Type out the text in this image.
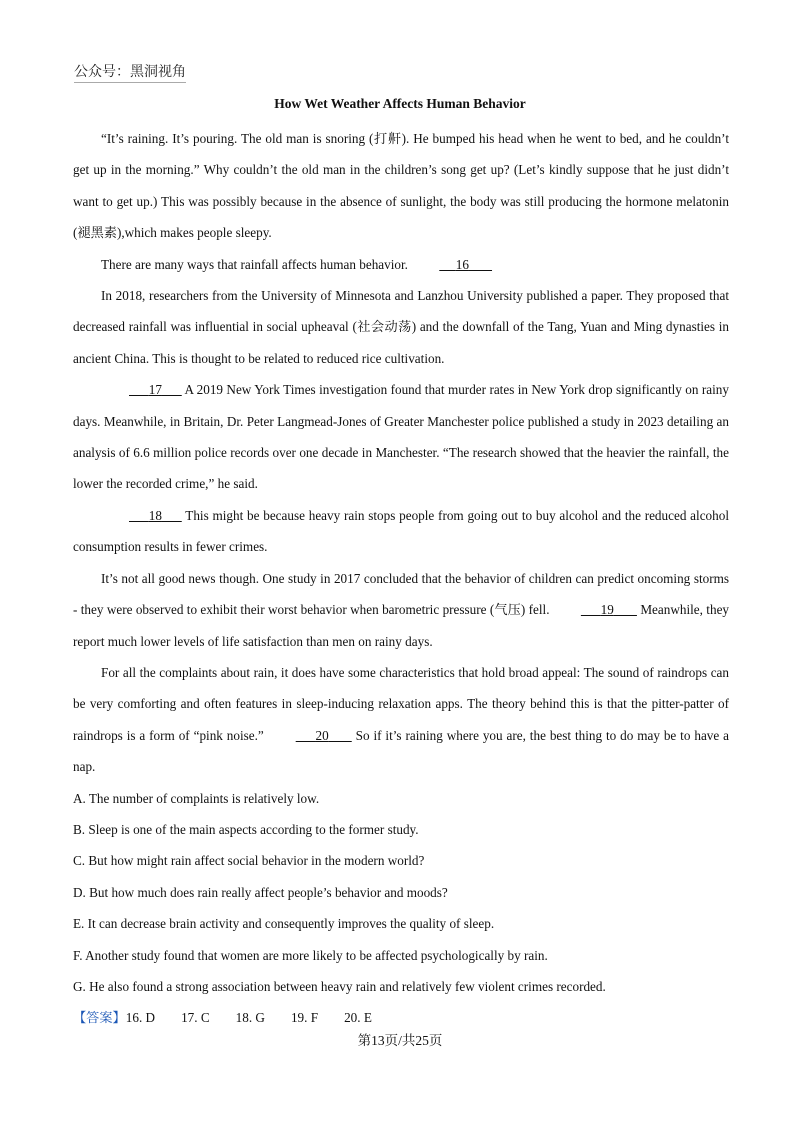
公众号：黑洞视角
How Wet Weather Affects Human Behavior

“It’s raining. It’s pouring. The old man is snoring (打鼾). He bumped his head when he went to bed, and he couldn’t get up in the morning.” Why couldn’t the old man in the children’s song get up? (Let’s kindly suppose that he just didn’t want to get up.) This was possibly because in the absence of sunlight, the body was still producing the hormone melatonin (褪黑素),which makes people sleepy.

There are many ways that rainfall affects human behavior.	16

In 2018, researchers from the University of Minnesota and Lanzhou University published a paper. They proposed that decreased rainfall was influential in social upheaval (社会动荡) and the downfall of the Tang, Yuan and Ming dynasties in ancient China. This is thought to be related to reduced rice cultivation.

17 A 2019 New York Times investigation found that murder rates in New York drop significantly on rainy days. Meanwhile, in Britain, Dr. Peter Langmead-Jones of Greater Manchester police published a study in 2023 detailing an analysis of 6.6 million police records over one decade in Manchester. “The research showed that the heavier the rainfall, the lower the recorded crime,” he said.

18 This might be because heavy rain stops people from going out to buy alcohol and the reduced alcohol consumption results in fewer crimes.

It’s not all good news though. One study in 2017 concluded that the behavior of children can predict oncoming storms - they were observed to exhibit their worst behavior when barometric pressure (气压) fell.	19 Meanwhile, they report much lower levels of life satisfaction than men on rainy days.

For all the complaints about rain, it does have some characteristics that hold broad appeal: The sound of raindrops can be very comforting and often features in sleep-inducing relaxation apps. The theory behind this is that the pitter-patter of raindrops is a form of “pink noise.”	20 So if it’s raining where you are, the best thing to do may be to have a nap.

A. The number of complaints is relatively low.

B. Sleep is one of the main aspects according to the former study.

C. But how might rain affect social behavior in the modern world?

D. But how much does rain really affect people’s behavior and moods?

E. It can decrease brain activity and consequently improves the quality of sleep.

F. Another study found that women are more likely to be affected psychologically by rain.

G. He also found a strong association between heavy rain and relatively few violent crimes recorded.

【答案】16. D 17. C 18. G 19. F 20. E

第13页/共25页
